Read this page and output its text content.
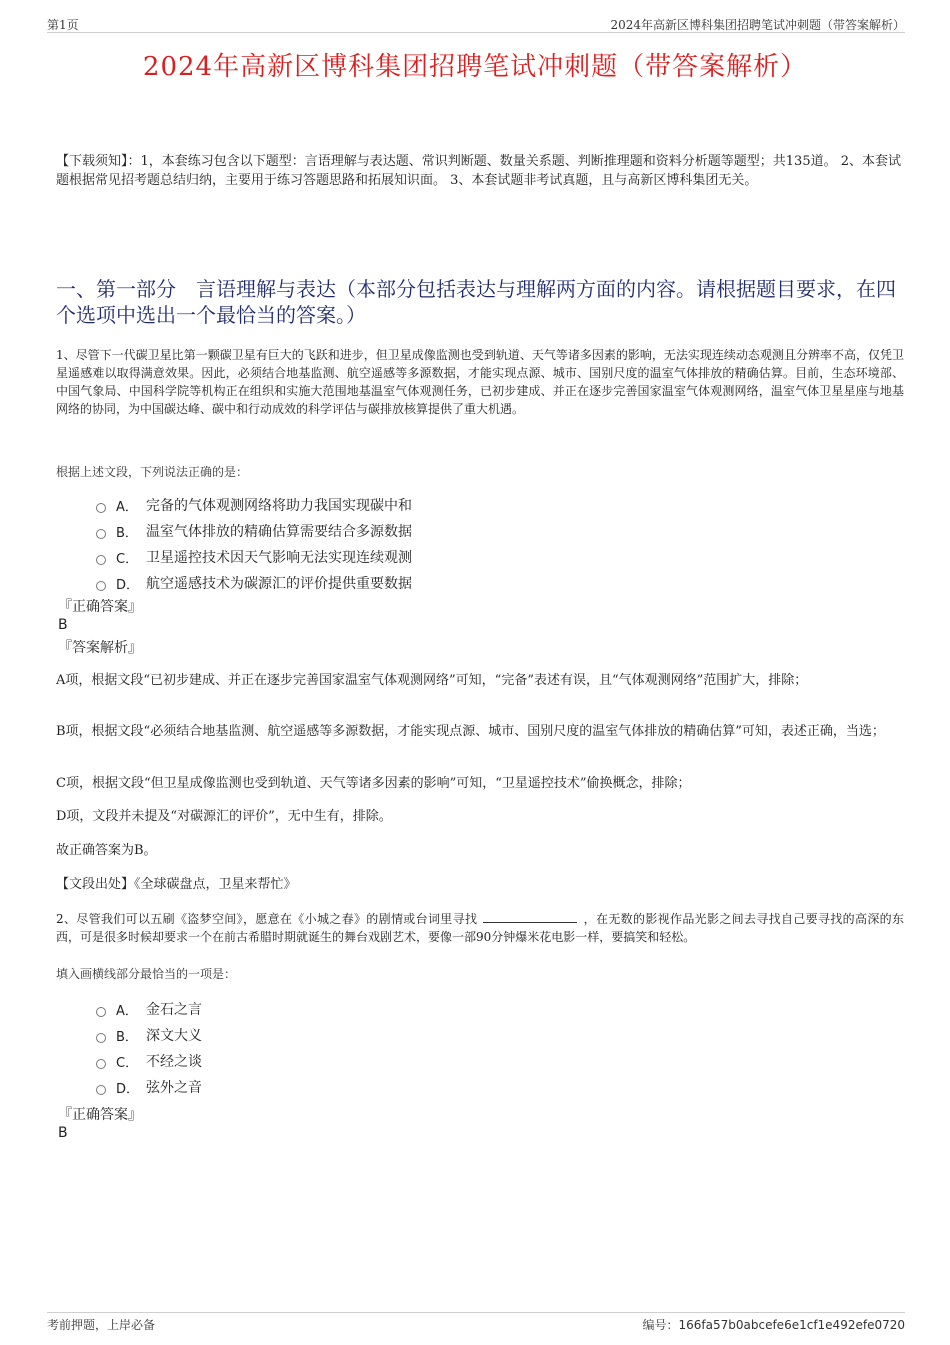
第1页	2024年高新区博科集团招聘笔试冲刺题（带答案解析）
2024年高新区博科集团招聘笔试冲刺题（带答案解析）
【下载须知】：1，本套练习包含以下题型：言语理解与表达题、常识判断题、数量关系题、判断推理题和资料分析题等题型；共135道。 2、本套试题根据常见招考题总结归纳，主要用于练习答题思路和拓展知识面。 3、本套试题非考试真题，且与高新区博科集团无关。
一、第一部分　言语理解与表达（本部分包括表达与理解两方面的内容。请根据题目要求，在四个选项中选出一个最恰当的答案。）
1、尽管下一代碳卫星比第一颗碳卫星有巨大的飞跃和进步，但卫星成像监测也受到轨道、天气等诸多因素的影响，无法实现连续动态观测且分辨率不高，仅凭卫星遥感难以取得满意效果。因此，必须结合地基监测、航空遥感等多源数据，才能实现点源、城市、国别尺度的温室气体排放的精确估算。目前，生态环境部、中国气象局、中国科学院等机构正在组织和实施大范围地基温室气体观测任务，已初步建成、并正在逐步完善国家温室气体观测网络，温室气体卫星星座与地基网络的协同，为中国碳达峰、碳中和行动成效的科学评估与碳排放核算提供了重大机遇。
根据上述文段，下列说法正确的是：
A． 完备的气体观测网络将助力我国实现碳中和
B． 温室气体排放的精确估算需要结合多源数据
C． 卫星遥控技术因天气影响无法实现连续观测
D． 航空遥感技术为碳源汇的评价提供重要数据
『正确答案』
B
『答案解析』
A项，根据文段“已初步建成、并正在逐步完善国家温室气体观测网络”可知，“完备”表述有误，且“气体观测网络”范围扩大，排除；
B项，根据文段“必须结合地基监测、航空遥感等多源数据，才能实现点源、城市、国别尺度的温室气体排放的精确估算”可知，表述正确，当选；
C项，根据文段“但卫星成像监测也受到轨道、天气等诸多因素的影响”可知，“卫星遥控技术”偷换概念，排除；
D项，文段并未提及“对碳源汇的评价”，无中生有，排除。
故正确答案为B。
【文段出处】《全球碳盘点，卫星来帮忙》
2、尽管我们可以五刷《盗梦空间》，愿意在《小城之春》的剧情或台词里寻找	，在无数的影视作品光影之间去寻找自己要寻找的高深的东西，可是很多时候却要求一个在前古希腊时期就诞生的舞台戏剧艺术，要像一部90分钟爆米花电影一样，要搞笑和轻松。
填入画横线部分最恰当的一项是：
A． 金石之言
B． 深文大义
C． 不经之谈
D． 弦外之音
『正确答案』
B
考前押题，上岸必备	编号：166fa57b0abcefe6e1cf1e492efe0720
